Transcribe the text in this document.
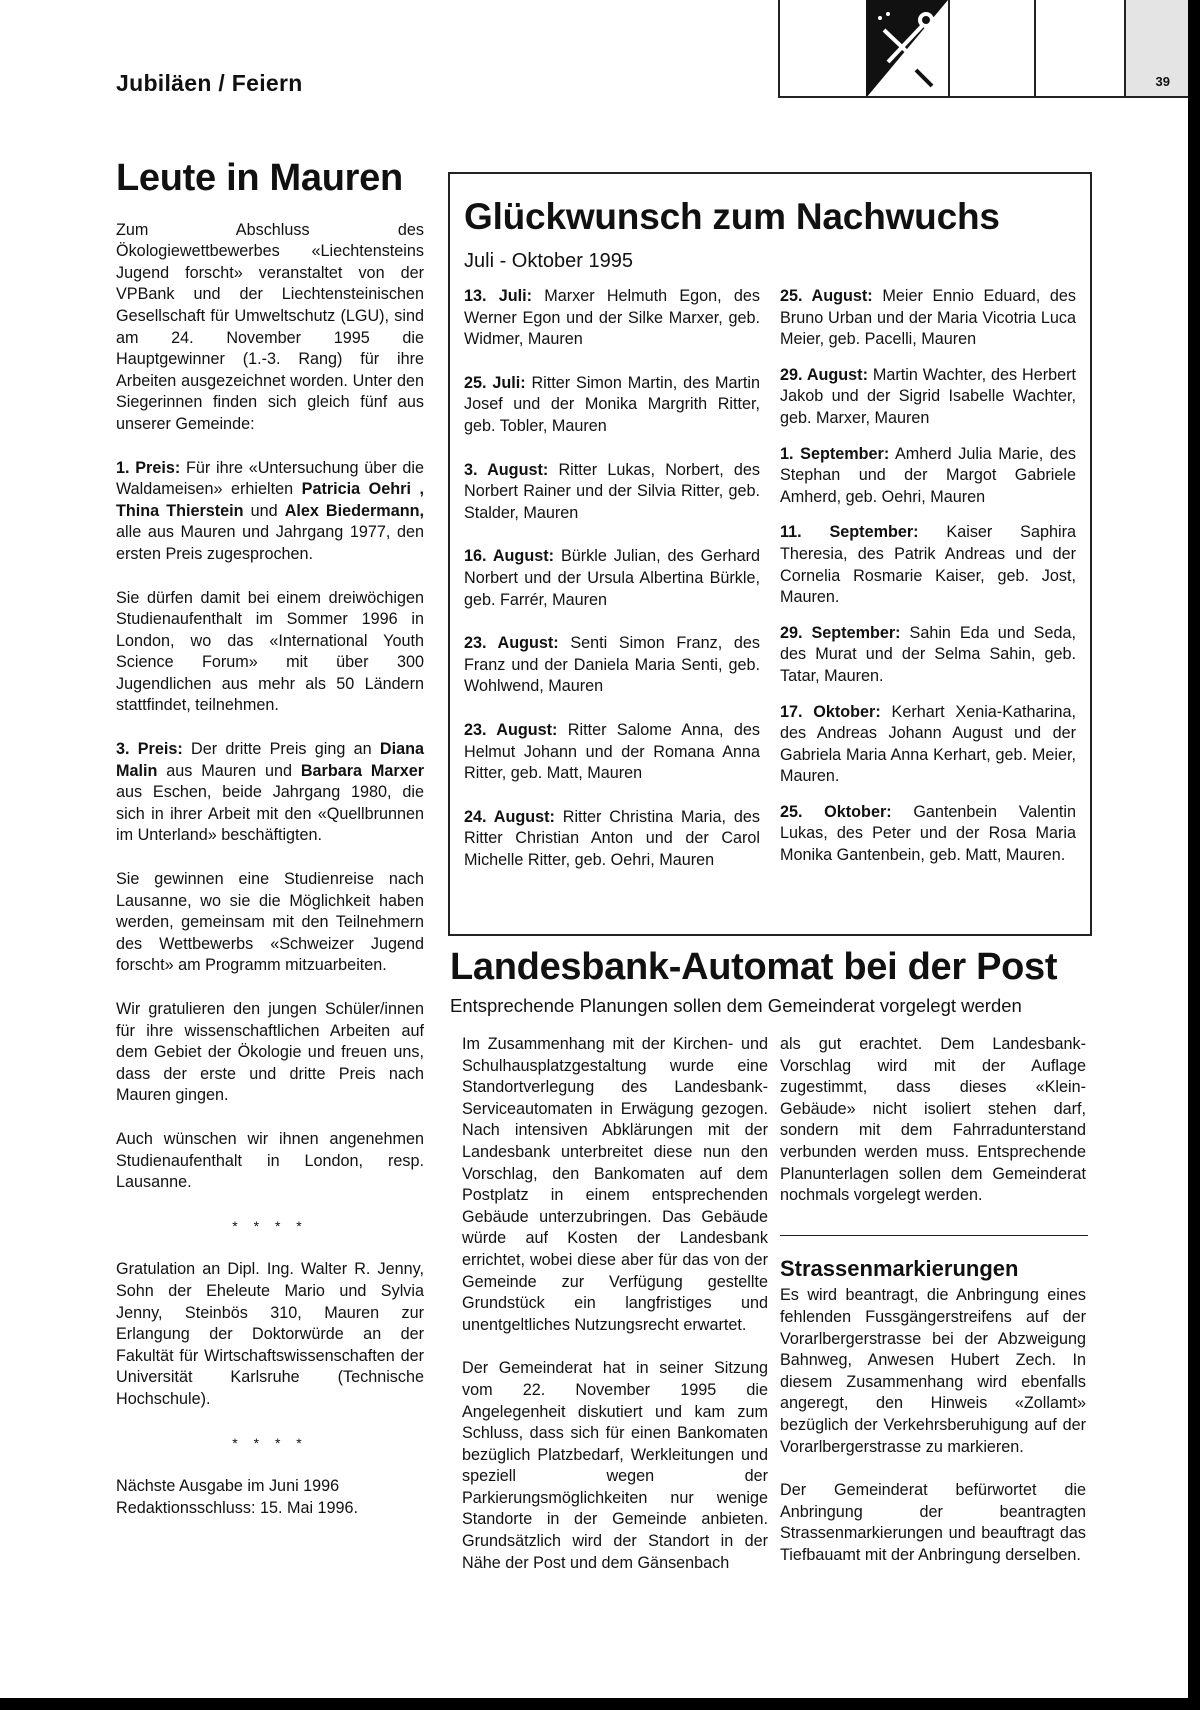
Jubiläen / Feiern	39
Leute in Mauren

Zum Abschluss des Ökologiewettbewerbes «Liechtensteins Jugend forscht» veranstaltet von der VPBank und der Liechtensteinischen Gesellschaft für Umweltschutz (LGU), sind am 24. November 1995 die Hauptgewinner (1.-3. Rang) für ihre Arbeiten ausgezeichnet worden. Unter den Siegerinnen finden sich gleich fünf aus unserer Gemeinde:

1. Preis: Für ihre «Untersuchung über die Waldameisen» erhielten Patricia Oehri , Thina Thierstein und Alex Biedermann, alle aus Mauren und Jahrgang 1977, den ersten Preis zugesprochen.

Sie dürfen damit bei einem dreiwöchigen Studienaufenthalt im Sommer 1996 in London, wo das «International Youth Science Forum» mit über 300 Jugendlichen aus mehr als 50 Ländern stattfindet, teilnehmen.

3. Preis: Der dritte Preis ging an Diana Malin aus Mauren und Barbara Marxer aus Eschen, beide Jahrgang 1980, die sich in ihrer Arbeit mit den «Quellbrunnen im Unterland» beschäftigten.

Sie gewinnen eine Studienreise nach Lausanne, wo sie die Möglichkeit haben werden, gemeinsam mit den Teilnehmern des Wettbewerbs «Schweizer Jugend forscht» am Programm mitzuarbeiten.

Wir gratulieren den jungen Schüler/innen für ihre wissenschaftlichen Arbeiten auf dem Gebiet der Ökologie und freuen uns, dass der erste und dritte Preis nach Mauren gingen.

Auch wünschen wir ihnen angenehmen Studienaufenthalt in London, resp. Lausanne.

* * * *

Gratulation an Dipl. Ing. Walter R. Jenny, Sohn der Eheleute Mario und Sylvia Jenny, Steinbös 310, Mauren zur Erlangung der Doktorwürde an der Fakultät für Wirtschaftswissenschaften der Universität Karlsruhe (Technische Hochschule).

* * * *

Nächste Ausgabe im Juni 1996 Redaktionsschluss: 15. Mai 1996.

Glückwunsch zum Nachwuchs
Juli - Oktober 1995

13. Juli: Marxer Helmuth Egon, des Werner Egon und der Silke Marxer, geb. Widmer, Mauren

25. Juli: Ritter Simon Martin, des Martin Josef und der Monika Margrith Ritter, geb. Tobler, Mauren

3. August: Ritter Lukas, Norbert, des Norbert Rainer und der Silvia Ritter, geb. Stalder, Mauren

16. August: Bürkle Julian, des Gerhard Norbert und der Ursula Albertina Bürkle, geb. Farrér, Mauren

23. August: Senti Simon Franz, des Franz und der Daniela Maria Senti, geb. Wohlwend, Mauren

23. August: Ritter Salome Anna, des Helmut Johann und der Romana Anna Ritter, geb. Matt, Mauren

24. August: Ritter Christina Maria, des Ritter Christian Anton und der Carol Michelle Ritter, geb. Oehri, Mauren

25. August: Meier Ennio Eduard, des Bruno Urban und der Maria Vicotria Luca Meier, geb. Pacelli, Mauren

29. August: Martin Wachter, des Herbert Jakob und der Sigrid Isabelle Wachter, geb. Marxer, Mauren

1. September: Amherd Julia Marie, des Stephan und der Margot Gabriele Amherd, geb. Oehri, Mauren

11. September: Kaiser Saphira Theresia, des Patrik Andreas und der Cornelia Rosmarie Kaiser, geb. Jost, Mauren.

29. September: Sahin Eda und Seda, des Murat und der Selma Sahin, geb. Tatar, Mauren.

17. Oktober: Kerhart Xenia-Katharina, des Andreas Johann August und der Gabriela Maria Anna Kerhart, geb. Meier, Mauren.

25. Oktober: Gantenbein Valentin Lukas, des Peter und der Rosa Maria Monika Gantenbein, geb. Matt, Mauren.

Landesbank-Automat bei der Post
Entsprechende Planungen sollen dem Gemeinderat vorgelegt werden

Im Zusammenhang mit der Kirchen- und Schulhausplatzgestaltung wurde eine Standortverlegung des Landesbank-Serviceautomaten in Erwägung gezogen. Nach intensiven Abklärungen mit der Landesbank unterbreitet diese nun den Vorschlag, den Bankomaten auf dem Postplatz in einem entsprechenden Gebäude unterzubringen. Das Gebäude würde auf Kosten der Landesbank errichtet, wobei diese aber für das von der Gemeinde zur Verfügung gestellte Grundstück ein langfristiges und unentgeltliches Nutzungsrecht erwartet.

Der Gemeinderat hat in seiner Sitzung vom 22. November 1995 die Angelegenheit diskutiert und kam zum Schluss, dass sich für einen Bankomaten bezüglich Platzbedarf, Werkleitungen und speziell wegen der Parkierungsmöglichkeiten nur wenige Standorte in der Gemeinde anbieten. Grundsätzlich wird der Standort in der Nähe der Post und dem Gänsenbach

als gut erachtet. Dem Landesbank-Vorschlag wird mit der Auflage zugestimmt, dass dieses «Klein-Gebäude» nicht isoliert stehen darf, sondern mit dem Fahrradunterstand verbunden werden muss. Entsprechende Planunterlagen sollen dem Gemeinderat nochmals vorgelegt werden.

Strassenmarkierungen

Es wird beantragt, die Anbringung eines fehlenden Fussgängerstreifens auf der Vorarlbergerstrasse bei der Abzweigung Bahnweg, Anwesen Hubert Zech. In diesem Zusammenhang wird ebenfalls angeregt, den Hinweis «Zollamt» bezüglich der Verkehrsberuhigung auf der Vorarlbergerstrasse zu markieren.

Der Gemeinderat befürwortet die Anbringung der beantragten Strassenmarkierungen und beauftragt das Tiefbauamt mit der Anbringung derselben.
